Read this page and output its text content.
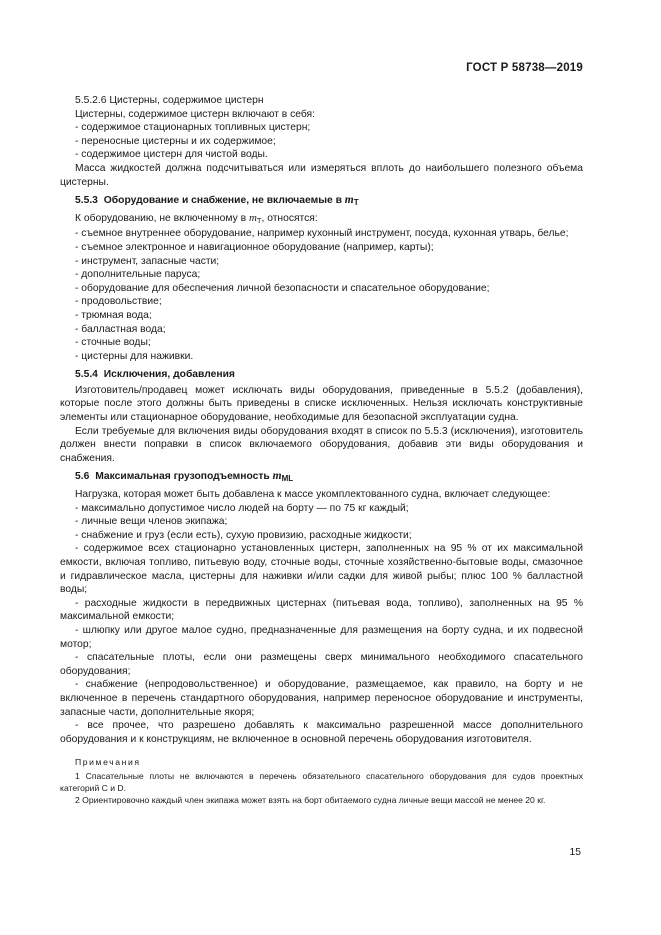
ГОСТ Р 58738—2019

5.5.2.6 Цистерны, содержимое цистерн

Цистерны, содержимое цистерн включают в себя:

- содержимое стационарных топливных цистерн;

- переносные цистерны и их содержимое;

- содержимое цистерн для чистой воды.

Масса жидкостей должна подсчитываться или измеряться вплоть до наибольшего полезного объема цистерны.

5.5.3 Оборудование и снабжение, не включаемые в $m_T$

К оборудованию, не включенному в $m_T$, относятся:

- съемное внутреннее оборудование, например кухонный инструмент, посуда, кухонная утварь, белье;

- съемное электронное и навигационное оборудование (например, карты);

- инструмент, запасные части;

- дополнительные паруса;

- оборудование для обеспечения личной безопасности и спасательное оборудование;

- продовольствие;

- трюмная вода;

- балластная вода;

- сточные воды;

- цистерны для наживки.

5.5.4 Исключения, добавления

Изготовитель/продавец может исключать виды оборудования, приведенные в 5.5.2 (добавления), которые после этого должны быть приведены в списке исключенных. Нельзя исключать конструктивные элементы или стационарное оборудование, необходимые для безопасной эксплуатации судна.

Если требуемые для включения виды оборудования входят в список по 5.5.3 (исключения), изготовитель должен внести поправки в список включаемого оборудования, добавив эти виды оборудования и снабжения.

5.6 Максимальная грузоподъемность $m_{ML}$

Нагрузка, которая может быть добавлена к массе укомплектованного судна, включает следующее:

- максимально допустимое число людей на борту — по 75 кг каждый;

- личные вещи членов экипажа;

- снабжение и груз (если есть), сухую провизию, расходные жидкости;

- содержимое всех стационарно установленных цистерн, заполненных на 95 % от их максимальной емкости, включая топливо, питьевую воду, сточные воды, сточные хозяйственно-бытовые воды, смазочное и гидравлическое масла, цистерны для наживки и/или садки для живой рыбы; плюс 100 % балластной воды;

- расходные жидкости в передвижных цистернах (питьевая вода, топливо), заполненных на 95 % максимальной емкости;

- шлюпку или другое малое судно, предназначенные для размещения на борту судна, и их подвесной мотор;

- спасательные плоты, если они размещены сверх минимального необходимого спасательного оборудования;

- снабжение (непродовольственное) и оборудование, размещаемое, как правило, на борту и не включенное в перечень стандартного оборудования, например переносное оборудование и инструменты, запасные части, дополнительные якоря;

- все прочее, что разрешено добавлять к максимально разрешенной массе дополнительного оборудования и к конструкциям, не включенное в основной перечень оборудования изготовителя.

Примечания

1 Спасательные плоты не включаются в перечень обязательного спасательного оборудования для судов проектных категорий C и D.

2 Ориентировочно каждый член экипажа может взять на борт обитаемого судна личные вещи массой не менее 20 кг.

15
